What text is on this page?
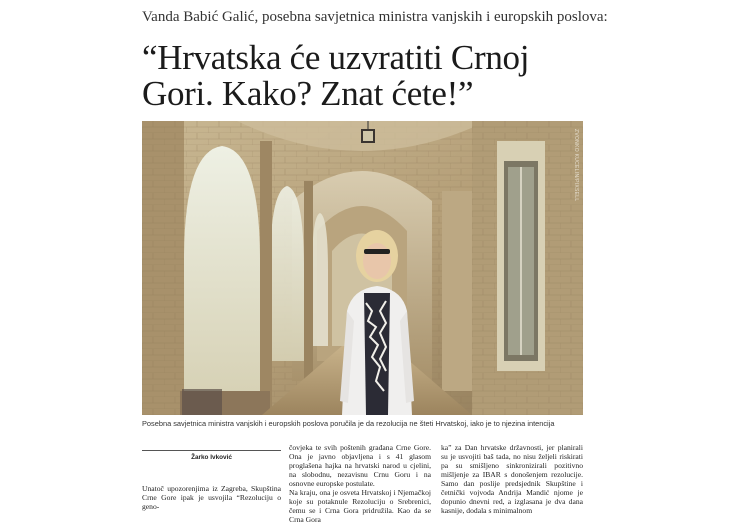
Vanda Babić Galić, posebna savjetnica ministra vanjskih i europskih poslova:
“Hrvatska će uzvratiti Crnoj
Gori. Kako? Znat ćete!”
ZVONKO KUCELIN/PIXSELL
Posebna savjetnica ministra vanjskih i europskih poslova poručila je da rezolucija ne šteti Hrvatskoj, iako je to njezina intencija
Žarko Ivković

Unatoč upozorenjima iz Zagreba, Skupština Crne Gore ipak je usvojila “Rezoluciju o geno-

čovjeka te svih poštenih građana Crne Gore. Ona je javno objavljena i s 41 glasom proglašena hajka na hrvatski narod u cjelini, na slobodnu, nezavisnu Crnu Goru i na osnovne europske postulate.

Na kraju, ona je osveta Hrvatskoj i Njemačkoj koje su potaknule Rezoluciju o Srebrenici, čemu se i Crna Gora pridružila. Kao da se Crna Gora

ka” za Dan hrvatske državnosti, jer planirali su je usvojiti baš tada, no nisu željeli riskirati pa su smišljeno sinkronizirali pozitivno mišljenje za IBAR s donošenjem rezolucije. Samo dan poslije predsjednik Skupštine i četnički vojvoda Andrija Mandić njome je dopunio dnevni red, a izglasana je dva dana kasnije, dodala s minimalnom
